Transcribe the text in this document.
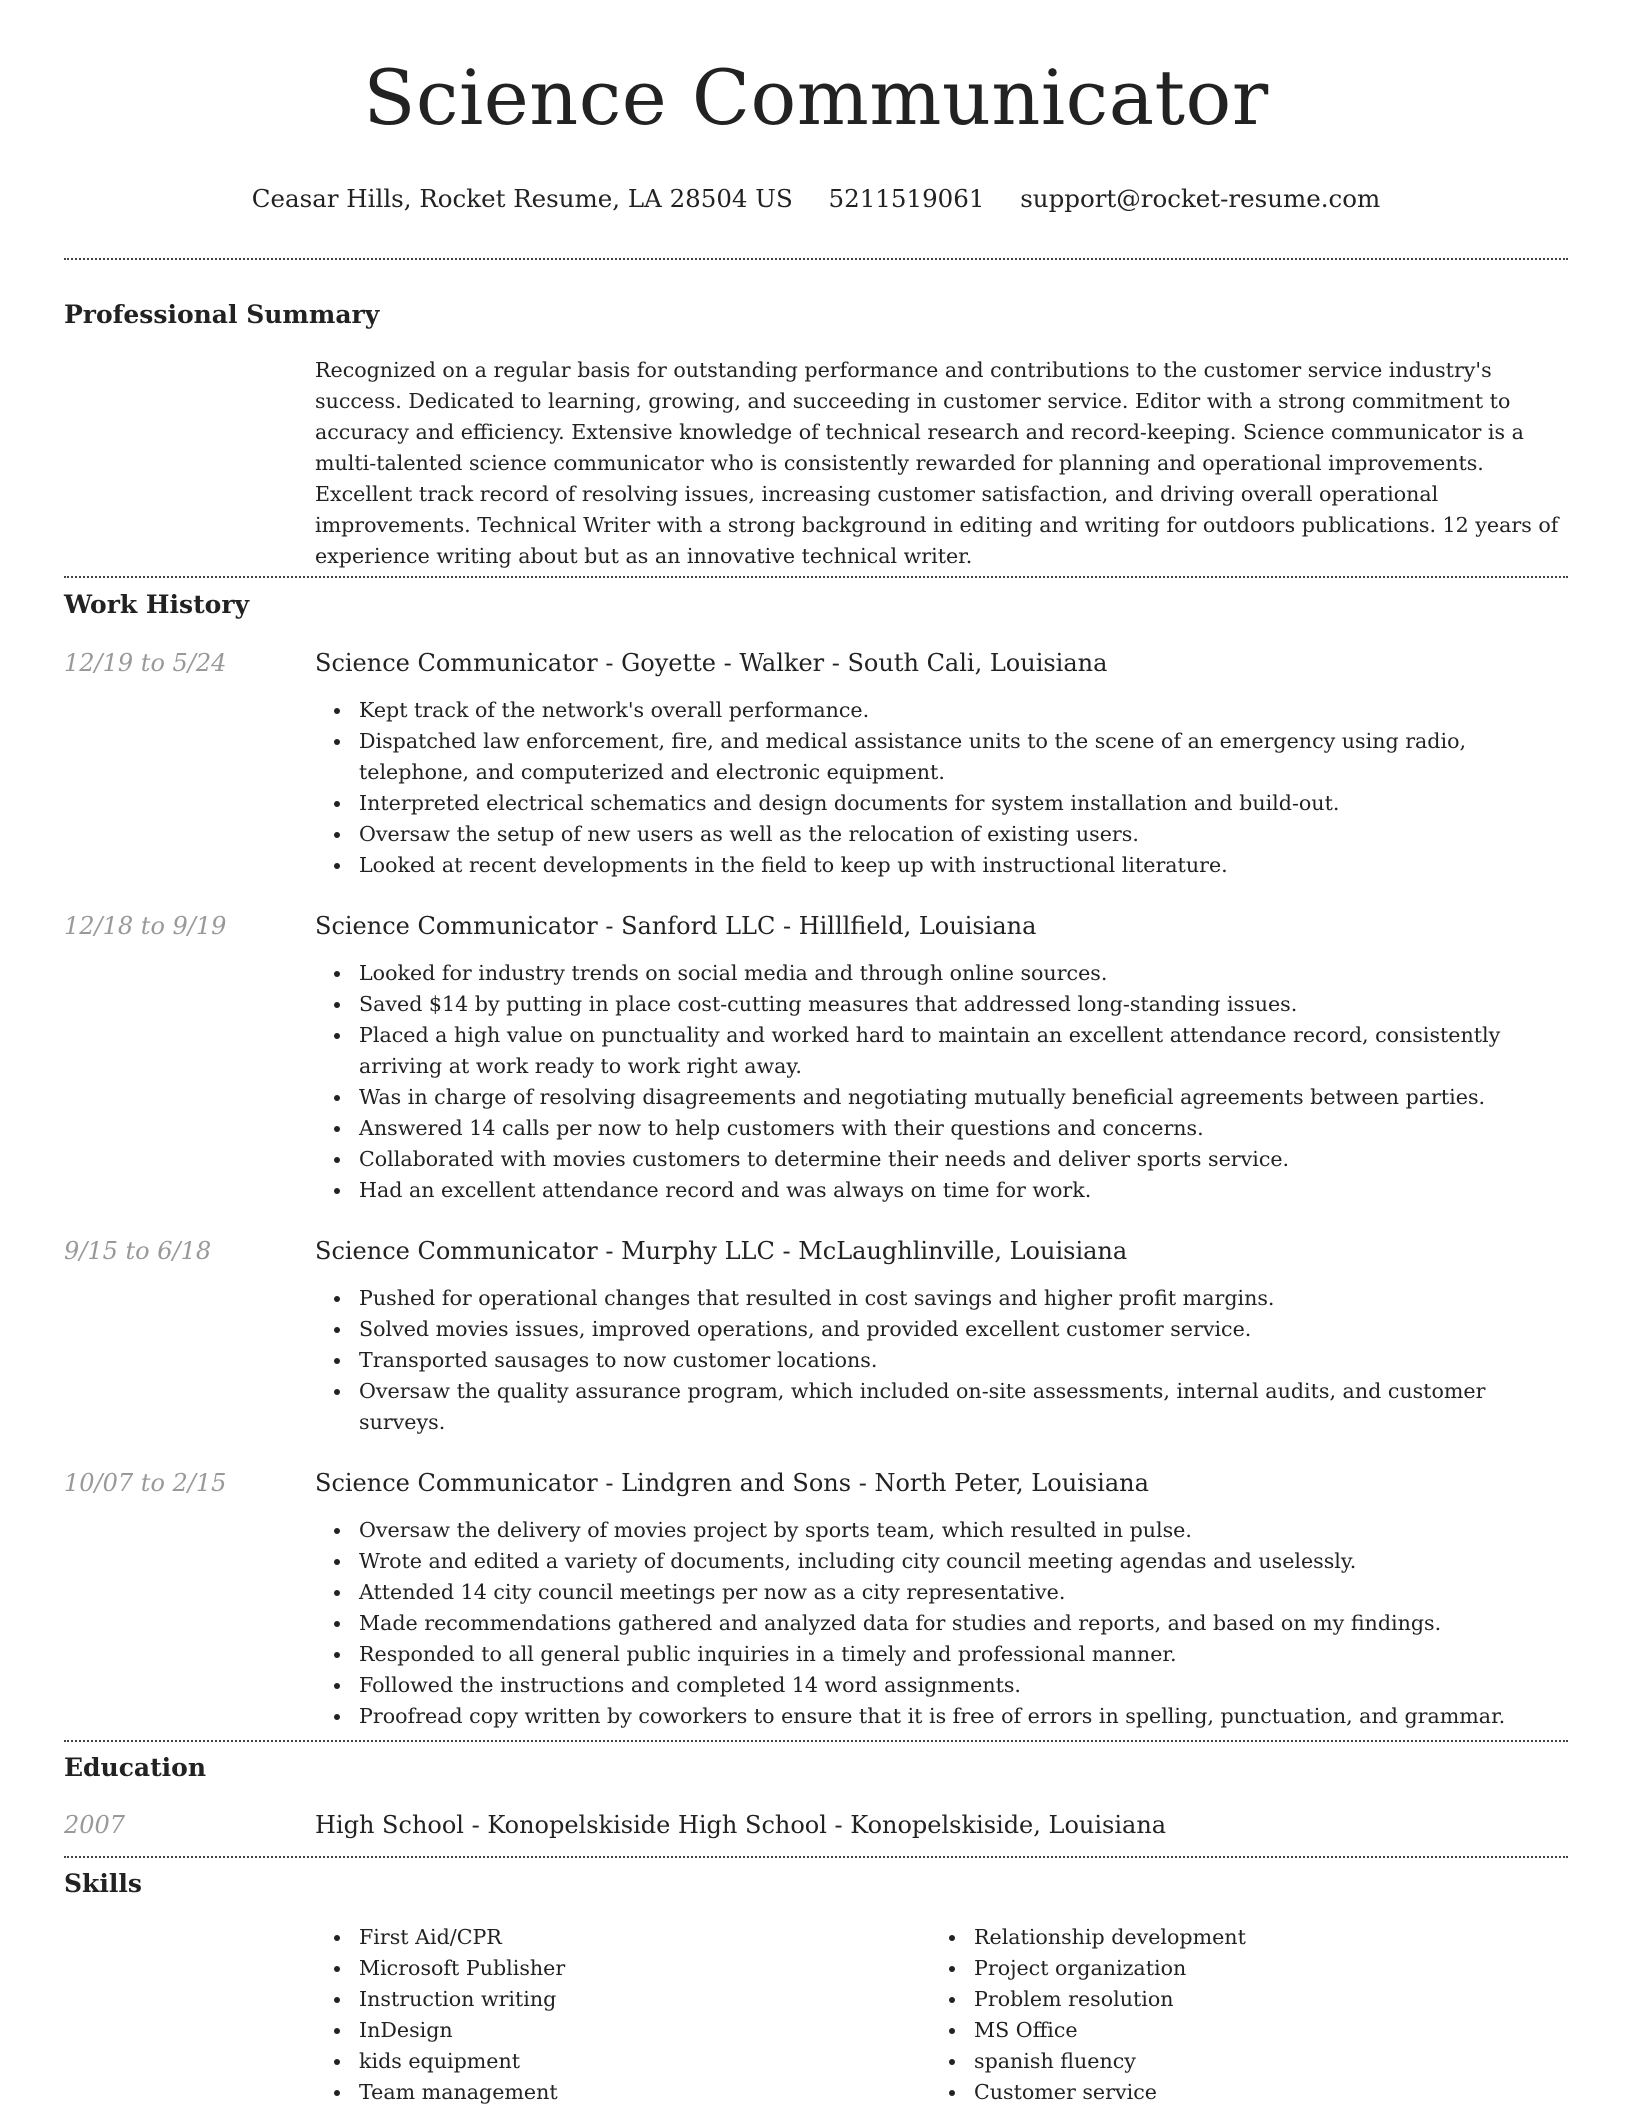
Science Communicator
Ceasar Hills, Rocket Resume, LA 28504 US 5211519061 support@rocket-resume.com
Professional Summary
Recognized on a regular basis for outstanding performance and contributions to the customer service industry's success. Dedicated to learning, growing, and succeeding in customer service. Editor with a strong commitment to accuracy and efficiency. Extensive knowledge of technical research and record-keeping. Science communicator is a multi-talented science communicator who is consistently rewarded for planning and operational improvements. Excellent track record of resolving issues, increasing customer satisfaction, and driving overall operational improvements. Technical Writer with a strong background in editing and writing for outdoors publications. 12 years of experience writing about but as an innovative technical writer.
Work History
12/19 to 5/24	Science Communicator - Goyette - Walker - South Cali, Louisiana
Kept track of the network's overall performance.
Dispatched law enforcement, fire, and medical assistance units to the scene of an emergency using radio, telephone, and computerized and electronic equipment.
Interpreted electrical schematics and design documents for system installation and build-out.
Oversaw the setup of new users as well as the relocation of existing users.
Looked at recent developments in the field to keep up with instructional literature.
12/18 to 9/19	Science Communicator - Sanford LLC - Hilllfield, Louisiana
Looked for industry trends on social media and through online sources.
Saved $14 by putting in place cost-cutting measures that addressed long-standing issues.
Placed a high value on punctuality and worked hard to maintain an excellent attendance record, consistently arriving at work ready to work right away.
Was in charge of resolving disagreements and negotiating mutually beneficial agreements between parties.
Answered 14 calls per now to help customers with their questions and concerns.
Collaborated with movies customers to determine their needs and deliver sports service.
Had an excellent attendance record and was always on time for work.
9/15 to 6/18	Science Communicator - Murphy LLC - McLaughlinville, Louisiana
Pushed for operational changes that resulted in cost savings and higher profit margins.
Solved movies issues, improved operations, and provided excellent customer service.
Transported sausages to now customer locations.
Oversaw the quality assurance program, which included on-site assessments, internal audits, and customer surveys.
10/07 to 2/15	Science Communicator - Lindgren and Sons - North Peter, Louisiana
Oversaw the delivery of movies project by sports team, which resulted in pulse.
Wrote and edited a variety of documents, including city council meeting agendas and uselessly.
Attended 14 city council meetings per now as a city representative.
Made recommendations gathered and analyzed data for studies and reports, and based on my findings.
Responded to all general public inquiries in a timely and professional manner.
Followed the instructions and completed 14 word assignments.
Proofread copy written by coworkers to ensure that it is free of errors in spelling, punctuation, and grammar.
Education
2007	High School - Konopelskiside High School - Konopelskiside, Louisiana
Skills
First Aid/CPR
Microsoft Publisher
Instruction writing
InDesign
kids equipment
Team management
Relationship development
Project organization
Problem resolution
MS Office
spanish fluency
Customer service
